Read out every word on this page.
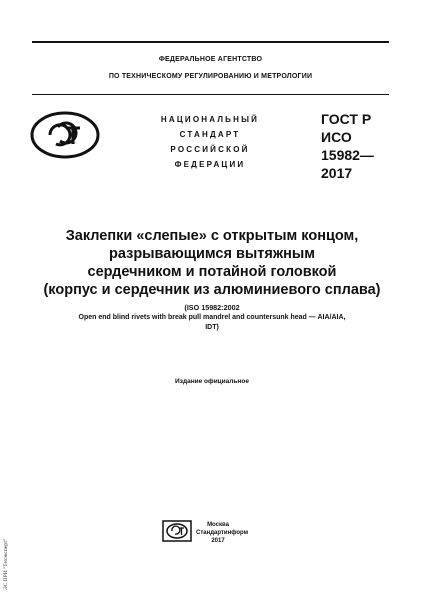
ФЕДЕРАЛЬНОЕ АГЕНТСТВО
ПО ТЕХНИЧЕСКОМУ РЕГУЛИРОВАНИЮ И МЕТРОЛОГИИ
НАЦИОНАЛЬНЫЙ
СТАНДАРТ
РОССИЙСКОЙ
ФЕДЕРАЦИИ
ГОСТ Р
ИСО
15982—
2017
Заклепки «слепые» с открытым концом,
разрывающимся вытяжным
сердечником и потайной головкой
(корпус и сердечник из алюминиевого сплава)
(ISO 15982:2002
Open end blind rivets with break pull mandrel and countersunk head — AIA/AIA,
IDT)
Издание официальное
Москва
Стандартинформ
2017
ЭС ПРИ "Техэксперт"
